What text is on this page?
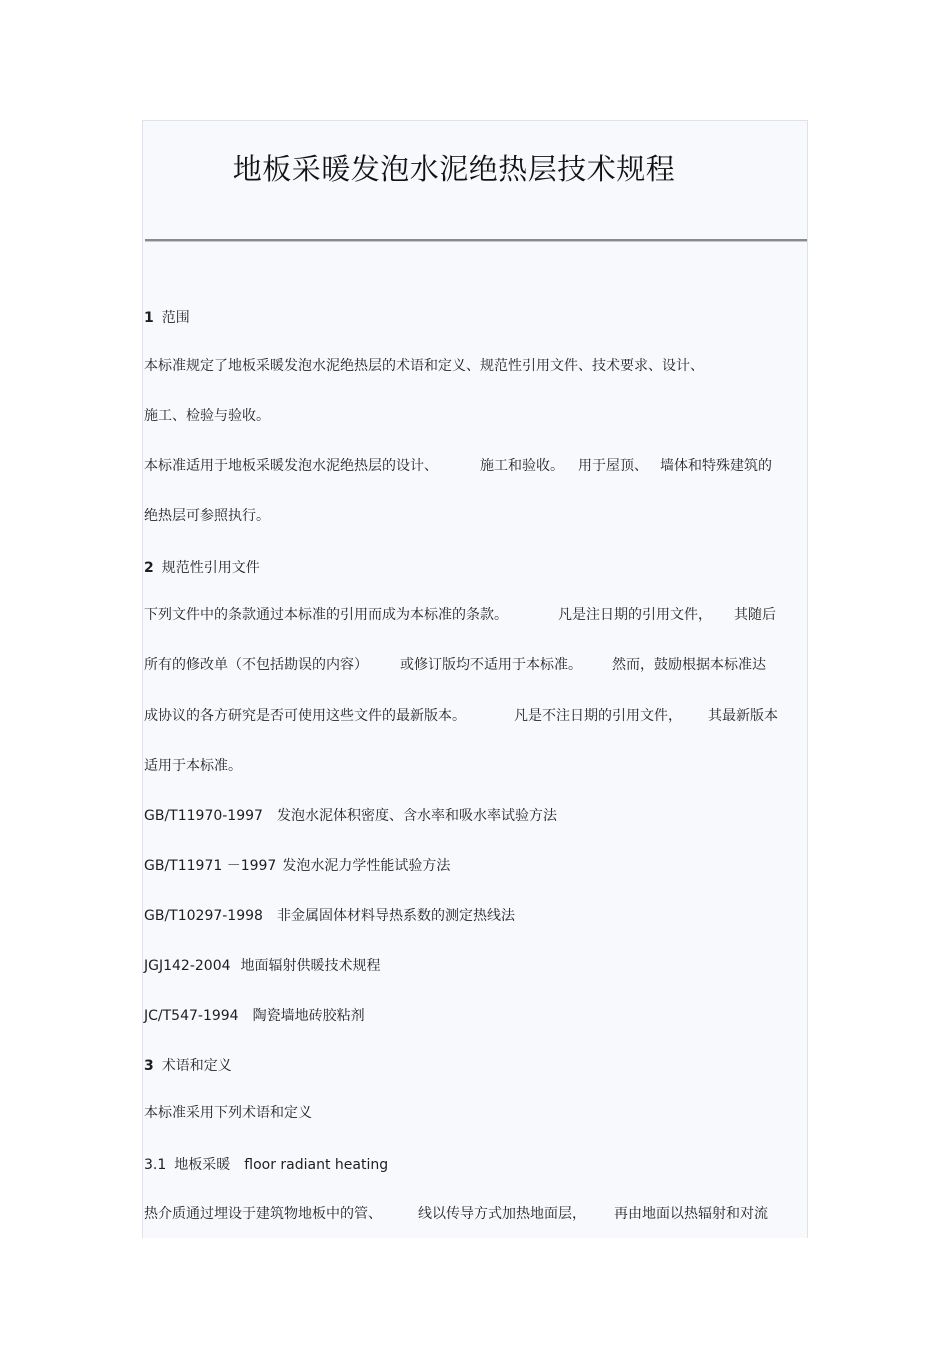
地板采暖发泡水泥绝热层技术规程
1 范围
本标准规定了地板采暖发泡水泥绝热层的术语和定义、规范性引用文件、技术要求、设计、
施工、检验与验收。
本标准适用于地板采暖发泡水泥绝热层的设计、	施工和验收。 用于屋顶、 墙体和特殊建筑的
绝热层可参照执行。
2 规范性引用文件
下列文件中的条款通过本标准的引用而成为本标准的条款。	凡是注日期的引用文件， 其随后
所有的修改单（不包括勘误的内容） 或修订版均不适用于本标准。 然而，鼓励根据本标准达
成协议的各方研究是否可使用这些文件的最新版本。	凡是不注日期的引用文件， 其最新版本
适用于本标准。
GB/T11970-1997 发泡水泥体积密度、含水率和吸水率试验方法
GB/T11971 －1997 发泡水泥力学性能试验方法
GB/T10297-1998 非金属固体材料导热系数的测定热线法
JGJ142-2004 地面辐射供暖技术规程
JC/T547-1994 陶瓷墙地砖胶粘剂
3 术语和定义
本标准采用下列术语和定义
3.1 地板采暖 floor radiant heating
热介质通过埋设于建筑物地板中的管、	线以传导方式加热地面层， 再由地面以热辐射和对流
